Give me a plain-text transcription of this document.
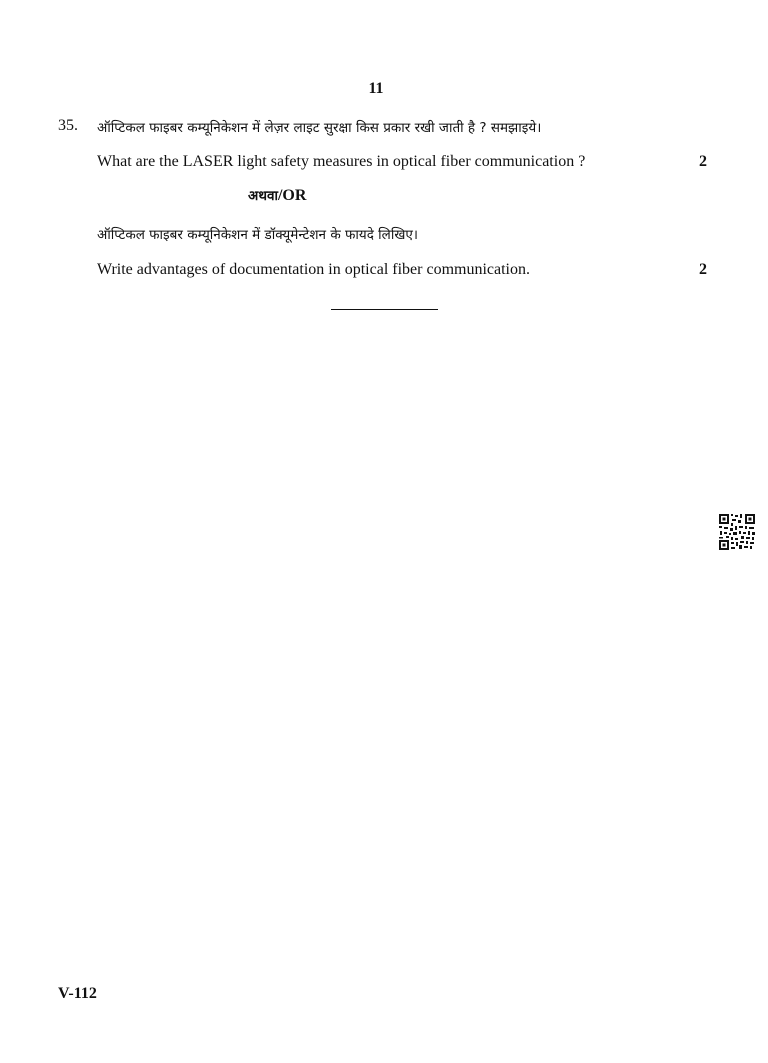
11
35. ऑप्टिकल फाइबर कम्यूनिकेशन में लेज़र लाइट सुरक्षा किस प्रकार रखी जाती है ? समझाइये।
What are the LASER light safety measures in optical fiber communication ?	2
अथवा/OR
ऑप्टिकल फाइबर कम्यूनिकेशन में डॉक्यूमेन्टेशन के फायदे लिखिए।
Write advantages of documentation in optical fiber communication.	2
V-112
